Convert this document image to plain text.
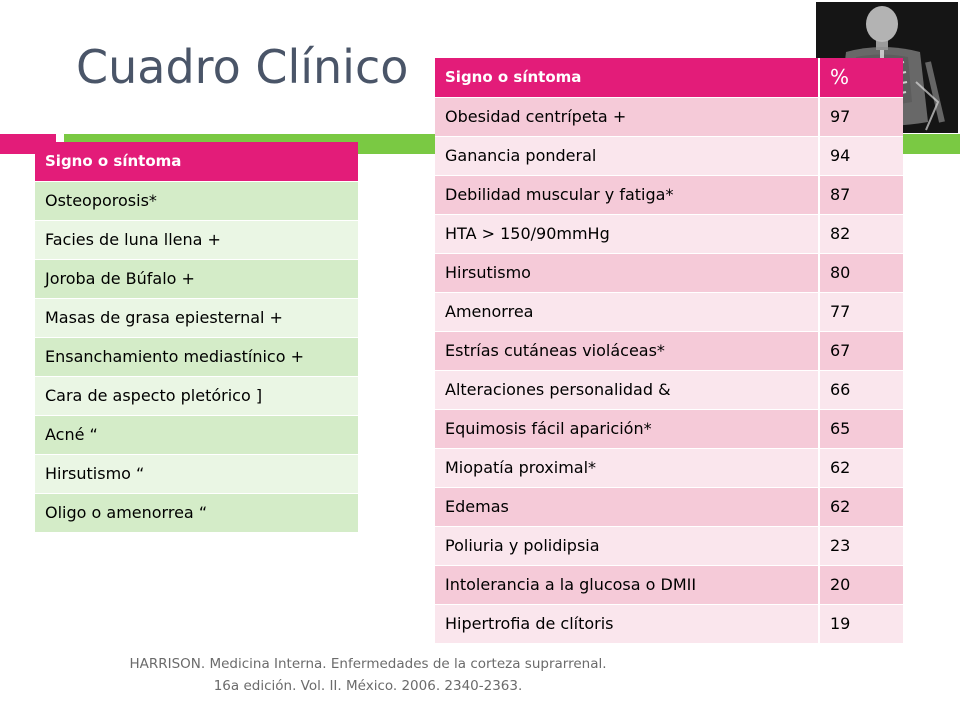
Cuadro Clínico
Signo o síntoma
Osteoporosis*
Facies de luna llena +
Joroba de Búfalo +
Masas de grasa epiesternal +
Ensanchamiento mediastínico +
Cara de aspecto pletórico ]
Acné “
Hirsutismo “
Oligo o amenorrea “
Signo o síntoma	%
Obesidad centrípeta +	97
Ganancia ponderal	94
Debilidad muscular y fatiga*	87
HTA > 150/90mmHg	82
Hirsutismo	80
Amenorrea	77
Estrías cutáneas violáceas*	67
Alteraciones personalidad &	66
Equimosis fácil aparición*	65
Miopatía proximal*	62
Edemas	62
Poliuria y polidipsia	23
Intolerancia a la glucosa o DMII	20
Hipertrofia de clítoris	19
HARRISON. Medicina Interna. Enfermedades de la corteza suprarrenal.
16a edición. Vol. II. México. 2006. 2340-2363.
